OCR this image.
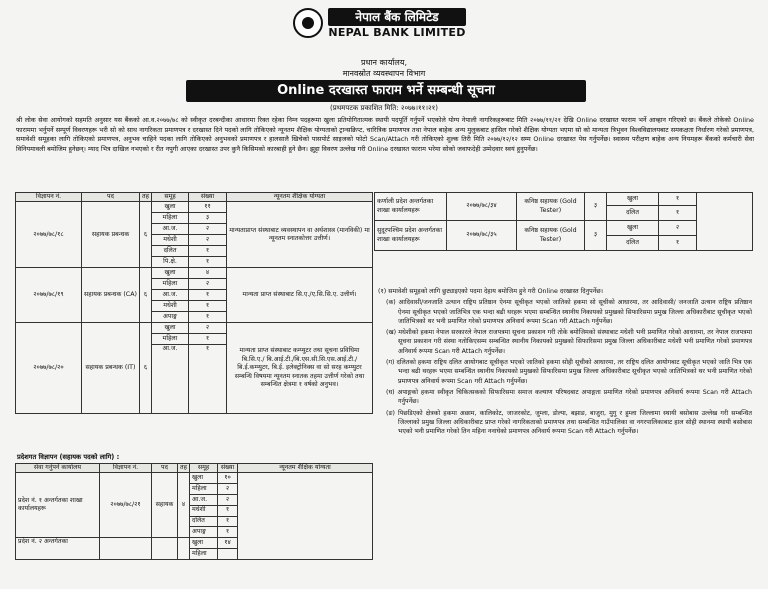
नेपाल बैंक लिमिटेड
NEPAL BANK LIMITED
प्रधान कार्यालय,
मानवस्रोत व्यवस्थापन विभाग
Online दरखास्त फाराम भर्ने सम्बन्धी सूचना
(प्रथमपटक प्रकाशित मिति: २०७७।११।२१)

श्री लोक सेवा आयोगको सहमति अनुसार यस बैंकको आ.व.२०७७/७८ को स्वीकृत दरबन्दीका आधारमा रिक्त रहेका निम्न पदहरूमा खुला प्रतियोगितात्मक स्थायी पदपूर्ति गर्नुपर्ने भएकोले योग्य नेपाली नागरिकहरूबाट मिति २०७७/११/२१ देखि Online दरखास्त फाराम भर्ने आव्हान गरिएको छ। बैंकले तोकेको Online फाराममा भर्नुपर्ने सम्पूर्ण विवरणहरू भरी सो को साथ नागरिकता प्रमाणपत्र र दरखास्त दिने पदको लागि तोकिएको न्यूनतम शैक्षिक योग्यताको ट्रान्सक्रिप्ट, चारित्रिक प्रमाणपत्र तथा नेपाल बाहेक अन्य मुलुकबाट हासिल गरेको शैक्षिक योग्यता भएमा सो को मान्यता त्रिभुवन विश्वविद्यालयबाट समकक्षता निर्धारण गरेको प्रमाणपत्र, समावेशी समूहका लागि तोकिएको प्रमाणपत्र, अनुभव चाहिने पदका लागि तोकिएको अनुभवको प्रमाणपत्र र हालसालै खिचेको पासपोर्ट साइजको फोटो Scan/Attach गरी तोकिएको शुल्क तिरी मिति २०७७/१२/१२ सम्म Online दरखास्त पेस गर्नुपर्नेछ। स्वास्थ्य परीक्षण बाहेक अन्य नियमहरू बैंकको कर्मचारी सेवा विनियमावली बमोजिम हुनेछन्। म्याद भित्र दाखिल नभएको र रीत नपुगी आएका दरखास्त उपर कुनै किसिमको कारबाही हुने छैन। झुट्टा विवरण उल्लेख गरी Online दरखास्त फाराम भरेमा सोको जवाफदेही उम्मेदवार स्वयं हुनुपर्नेछ।

विज्ञापन नं.	पद	तह	समूह	संख्या	न्यूनतम शैक्षिक योग्यता
२०७७/७८/१८	सहायक प्रबन्धक	६	खुला	११	मान्यताप्राप्त संस्थाबाट व्यवस्थापन वा अर्थशास्त्र (मानविकी) मा न्यूनतम स्नातकोत्तर उत्तीर्ण।
			महिला	३	
			आ.ज.	२	
			मधेशी	२	
			दलित	१	
			पि.क्षे.	१	
२०७७/७८/१९	सहायक प्रबन्धक (CA)	६	खुला	४	मान्यता प्राप्त संस्थाबाट सि.ए./ए.सि.सि.ए. उत्तीर्ण।
			महिला	२	
			आ.ज.	१	
			मधेशी	१	
			अपाङ्ग	१	
२०७७/७८/२०	सहायक प्रबन्धक (IT)	६	खुला	२	मान्यता प्राप्त संस्थाबाट कम्प्युटर तथा सूचना प्रविधिमा बि.सि.ए./ बि.आई.टी./बि.एस.सी.सि.एस.आई.टी./ बि.ई.कम्प्युटर, बि.ई. इलेक्ट्रोनिक्स वा सो सरह कम्प्युटर सम्बन्धि विषयमा न्यूनतम स्नातक तहमा उत्तीर्ण गरेको तथा सम्बन्धित क्षेत्रमा १ वर्षको अनुभव।
			महिला	१	
			आ.ज.	१	
प्रदेशगत विज्ञापन (सहायक पदको लागि) :
सेवा गर्नुपर्ने कार्यालय	विज्ञापन नं.	पद	तह	समूह	संख्या	न्यूनतम शैक्षिक योग्यता
प्रदेश नं. १ अन्तर्गतका शाखा कार्यालयहरू	२०७७/७८/२१	सहायक	४	खुला	१०	
				महिला	२	
				आ.ज.	२	
				मधेशी	१	
				दलित	१	
				अपाङ्ग	१	
प्रदेश नं. २ अन्तर्गतका				खुला	१४	
				महिला		
कर्णाली प्रदेश अन्तर्गतका शाखा कार्यालयहरू	२०७७/७८/३४	कनिष्ठ सहायक (Gold Tester)	३	खुला	१	
				दलित	१	
सुदूरपश्चिम प्रदेश अन्तर्गतका शाखा कार्यालयहरू	२०७७/७८/३५	कनिष्ठ सहायक (Gold Tester)	३	खुला	२	
				दलित	१	

(१) समावेशी समूहको लागि छुट्याइएको पदमा देहाय बमोजिम हुने गरी Online दरखास्त दिनुपर्नेछ।

(क) आदिवासी/जनजाति उत्थान राष्ट्रिय प्रतिष्ठान ऐनमा सूचीकृत भएको जातिको हकमा सो सूचीको आधारमा, तर आदिवासी/ जनजाति उत्थान राष्ट्रिय प्रतिष्ठान ऐनमा सूचीकृत भएको जातिभित्र एक भन्दा बढी थरहरू भएमा सम्बन्धित स्थानीय निकायको प्रमुखको सिफारिसमा प्रमुख जिल्ला अधिकारीबाट सूचीकृत भएको जातिभित्रको थर भनी प्रमाणित गरेको प्रमाणपत्र अनिवार्य रूपमा Scan गरी Attach गर्नुपर्नेछ।

(ख) मधेशीको हकमा नेपाल सरकारले नेपाल राजपत्रमा सूचना प्रकाशन गरी तोके बमोजिमको संस्थाबाट मधेशी भनी प्रमाणित गरेको आधारमा, तर नेपाल राजपत्रमा सूचना प्रकाशन गरी संस्था नतोकिएसम्म सम्बन्धित स्थानीय निकायको प्रमुखको सिफारिसमा प्रमुख जिल्ला अधिकारीबाट मधेशी भनी प्रमाणित गरेको प्रमाणपत्र अनिवार्य रूपमा Scan गरी Attach गर्नुपर्नेछ।

(ग) दलितको हकमा राष्ट्रिय दलित आयोगबाट सूचीकृत भएको जातिको हकमा सोही सूचीको आधारमा, तर राष्ट्रिय दलित आयोगबाट सूचीकृत भएको जाति भित्र एक भन्दा बढी थरहरू भएमा सम्बन्धित स्थानीय निकायको प्रमुखको सिफारिसमा प्रमुख जिल्ला अधिकारीबाट सूचीकृत भएको जातिभित्रको थर भनी प्रमाणित गरेको प्रमाणपत्र अनिवार्य रूपमा Scan गरी Attach गर्नुपर्नेछ।

(घ) अपाङ्गको हकमा स्वीकृत चिकित्सकको सिफारिसमा समाज कल्याण परिषदबाट अपाङ्गता प्रमाणित गरेको प्रमाणपत्र अनिवार्य रूपमा Scan गरी Attach गर्नुपर्नेछ।

(ङ) पिछडिएको क्षेत्रको हकमा अछाम, कालिकोट, जाजरकोट, जुम्ला, डोल्पा, बझाङ, बाजुरा, मुगु र हुम्ला जिल्लामा स्थायी बसोबास उल्लेख गरी सम्बन्धित जिल्लाको प्रमुख जिल्ला अधिकारीबाट प्राप्त गरेको नागरिकताको प्रमाणपत्र तथा सम्बन्धित गाउँपालिका वा नगरपालिकाबाट हाल सोही स्थानमा स्थायी बसोबास भएको भनी प्रमाणित गरेको तिन महिना ननाघेको प्रमाणपत्र अनिवार्य रूपमा Scan गरी Attach गर्नुपर्नेछ।
